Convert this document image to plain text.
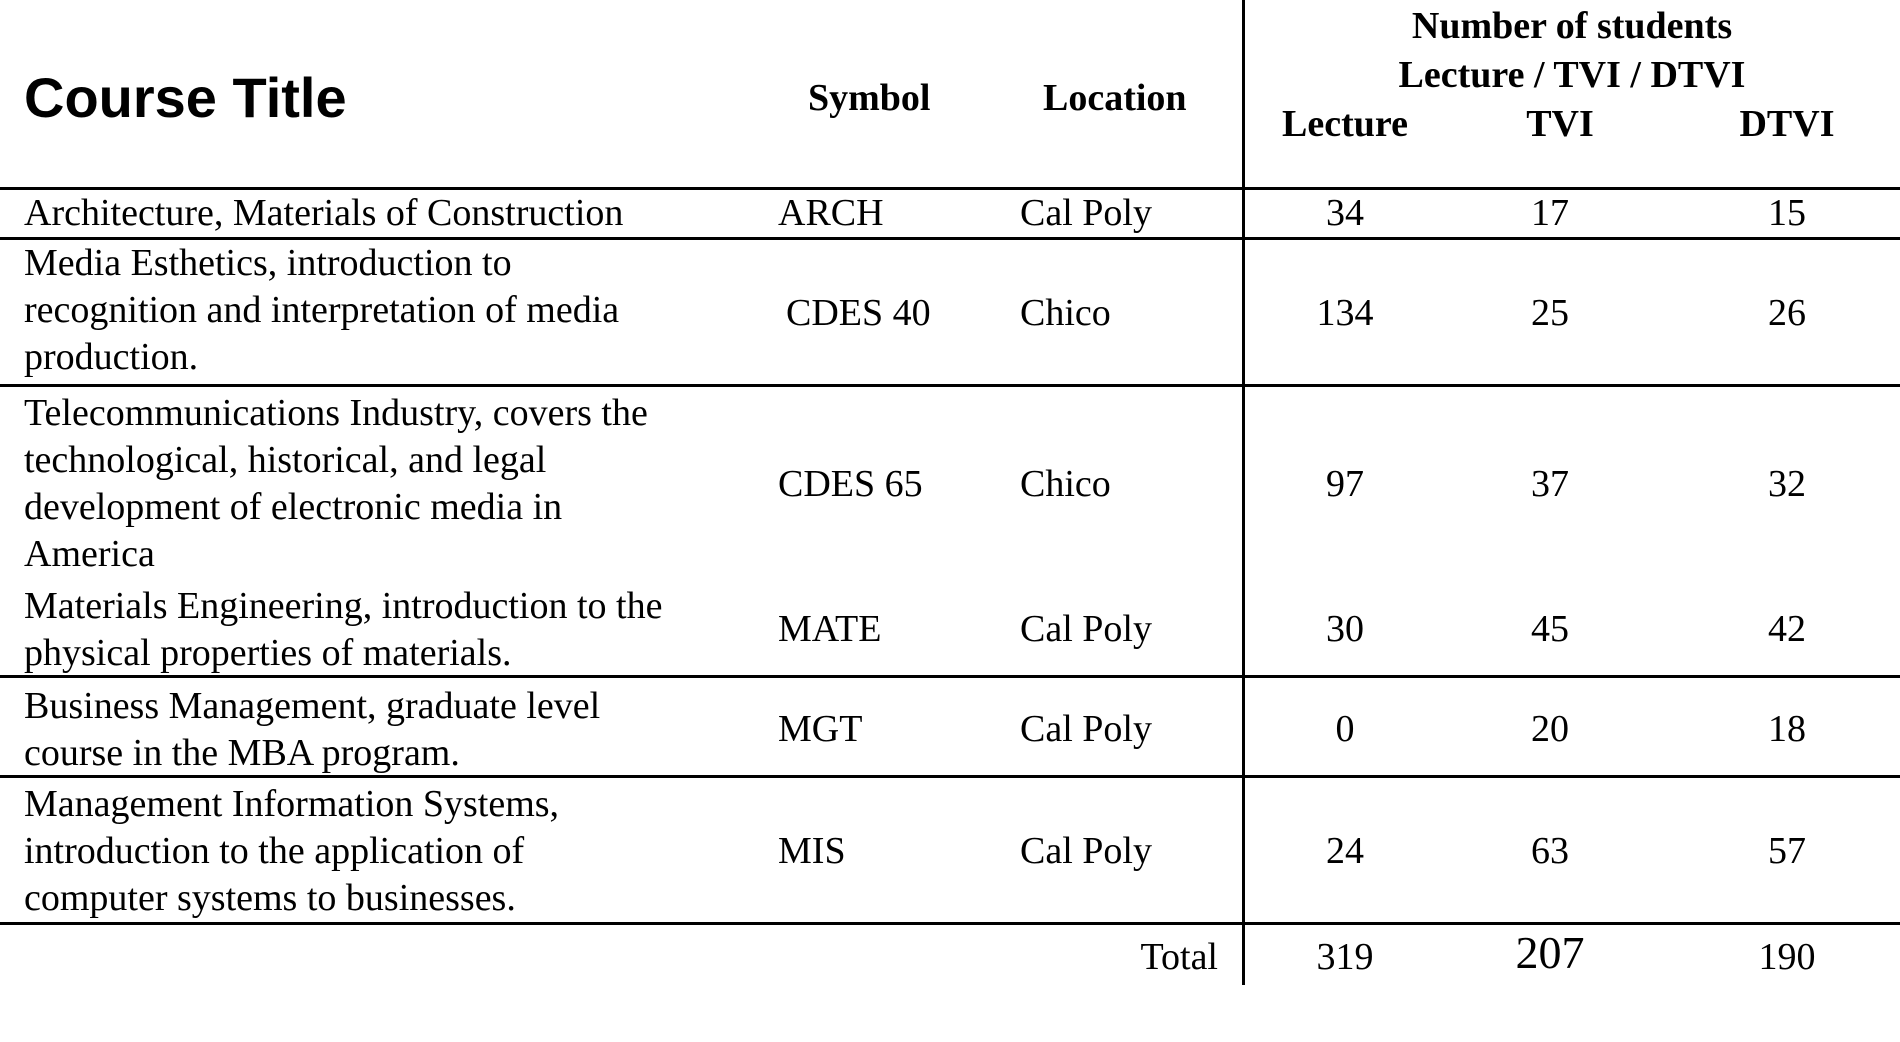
Course Title	Symbol	Location
Number of students
Lecture / TVI / DTVI
Lecture	TVI	DTVI
Architecture, Materials of Construction	ARCH	Cal Poly	34	17	15
Media Esthetics, introduction to
recognition and interpretation of media
production.
CDES 40 Chico	134	25	26
Telecommunications Industry, covers the
technological, historical, and legal
development of electronic media in
America
CDES 65	Chico	97	37	32
Materials Engineering, introduction to the
physical properties of materials.
MATE	Cal Poly	30	45	42
Business Management, graduate level
course in the MBA program.
MGT	Cal Poly	0	20	18
Management Information Systems,
introduction to the application of
computer systems to businesses.
MIS	Cal Poly	24	63	57
Total	319	207	190
